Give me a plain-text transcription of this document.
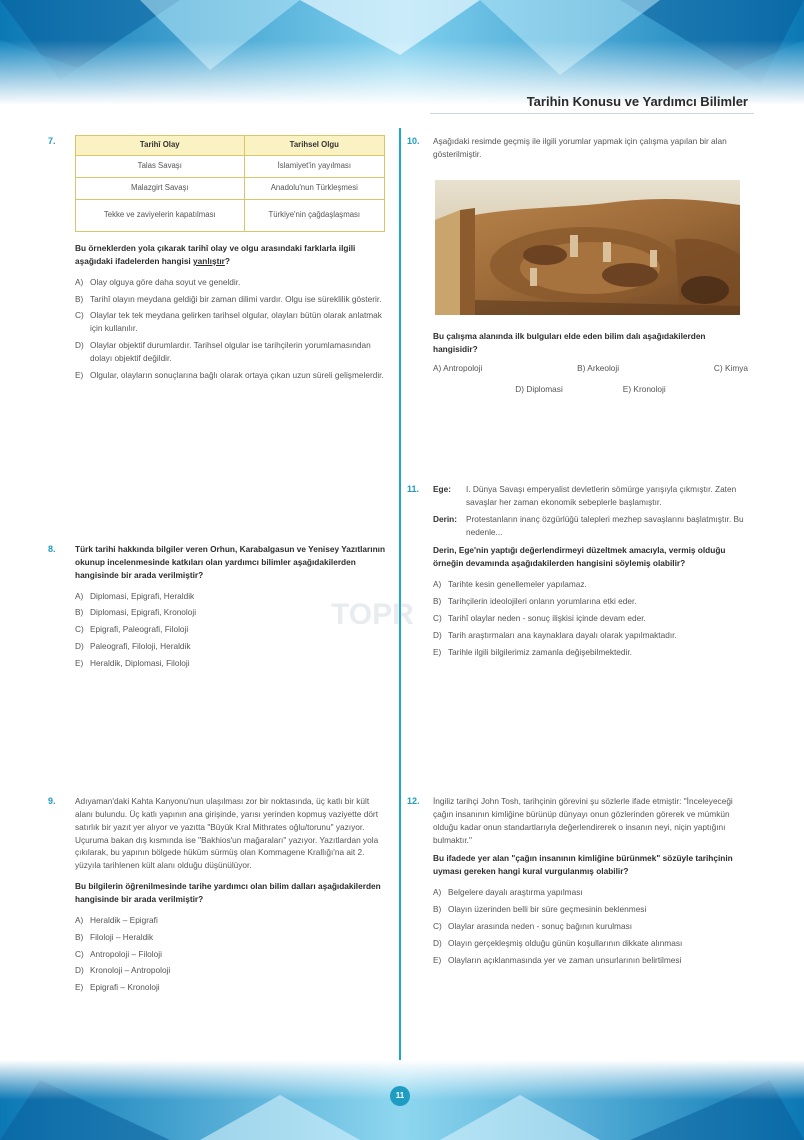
Tarihin Konusu ve Yardımcı Bilimler
7.	Tarihî Olay	Tarihsel Olgu
Talas Savaşı	İslamiyet'in yayılması
Malazgirt Savaşı	Anadolu'nun Türkleşmesi
Tekke ve zaviyelerin kapatılması	Türkiye'nin çağdaşlaşması
Bu örneklerden yola çıkarak tarihî olay ve olgu arasındaki farklarla ilgili aşağıdaki ifadelerden hangisi yanlıştır?
A) Olay olguya göre daha soyut ve geneldir.
B) Tarihî olayın meydana geldiği bir zaman dilimi vardır. Olgu ise süreklilik gösterir.
C) Olaylar tek tek meydana gelirken tarihsel olgular, olayları bütün olarak anlatmak için kullanılır.
D) Olaylar objektif durumlardır. Tarihsel olgular ise tarihçilerin yorumlamasından dolayı objektif değildir.
E) Olgular, olayların sonuçlarına bağlı olarak ortaya çıkan uzun süreli gelişmelerdir.
8. Türk tarihi hakkında bilgiler veren Orhun, Karabalgasun ve Yenisey Yazıtlarının okunup incelenmesinde katkıları olan yardımcı bilimler aşağıdakilerden hangisinde bir arada verilmiştir?
A) Diplomasi, Epigrafi, Heraldik
B) Diplomasi, Epigrafi, Kronoloji
C) Epigrafi, Paleografi, Filoloji
D) Paleografi, Filoloji, Heraldik
E) Heraldik, Diplomasi, Filoloji
TOPR
9. Adıyaman'daki Kahta Kanyonu'nun ulaşılması zor bir noktasında, üç katlı bir kült alanı bulundu. Üç katlı yapının ana girişinde, yarısı yerinden kopmuş vaziyette dört satırlık bir yazıt yer alıyor ve yazıtta "Büyük Kral Mithrates oğlu/torunu" yazıyor. Uçuruma bakan dış kısmında ise "Bakhios'un mağaraları" yazıyor. Yazıtlardan yola çıkılarak, bu yapının bölgede hüküm sürmüş olan Kommagene Krallığı'na ait 2. yüzyıla tarihlenen kült alanı olduğu düşünülüyor.
Bu bilgilerin öğrenilmesinde tarihe yardımcı olan bilim dalları aşağıdakilerden hangisinde bir arada verilmiştir?
A) Heraldik – Epigrafi
B) Filoloji – Heraldik
C) Antropoloji – Filoloji
D) Kronoloji – Antropoloji
E) Epigrafi – Kronoloji
10. Aşağıdaki resimde geçmiş ile ilgili yorumlar yapmak için çalışma yapılan bir alan gösterilmiştir.
Bu çalışma alanında ilk bulguları elde eden bilim dalı aşağıdakilerden hangisidir?
A) Antropoloji	B) Arkeoloji	C) Kimya
D) Diplomasi	E) Kronoloji
11. Ege:	I. Dünya Savaşı emperyalist devletlerin sömürge yarışıyla çıkmıştır. Zaten savaşlar her zaman ekonomik sebeplerle başlamıştır.
Derin:	Protestanların inanç özgürlüğü talepleri mezhep savaşlarını başlatmıştır. Bu nedenle...
Derin, Ege'nin yaptığı değerlendirmeyi düzeltmek amacıyla, vermiş olduğu örneğin devamında aşağıdakilerden hangisini söylemiş olabilir?
A) Tarihte kesin genellemeler yapılamaz.
B) Tarihçilerin ideolojileri onların yorumlarına etki eder.
C) Tarihî olaylar neden - sonuç ilişkisi içinde devam eder.
D) Tarih araştırmaları ana kaynaklara dayalı olarak yapılmaktadır.
E) Tarihle ilgili bilgilerimiz zamanla değişebilmektedir.
12. İngiliz tarihçi John Tosh, tarihçinin görevini şu sözlerle ifade etmiştir: "İnceleyeceği çağın insanının kimliğine bürünüp dünyayı onun gözlerinden görerek ve mümkün olduğu kadar onun standartlarıyla değerlendirerek o insanın neyi, niçin yaptığını bulmaktır."
Bu ifadede yer alan "çağın insanının kimliğine bürünmek" sözüyle tarihçinin uyması gereken hangi kural vurgulanmış olabilir?
A) Belgelere dayalı araştırma yapılması
B) Olayın üzerinden belli bir süre geçmesinin beklenmesi
C) Olaylar arasında neden - sonuç bağının kurulması
D) Olayın gerçekleşmiş olduğu günün koşullarının dikkate alınması
E) Olayların açıklanmasında yer ve zaman unsurlarının belirtilmesi
11
